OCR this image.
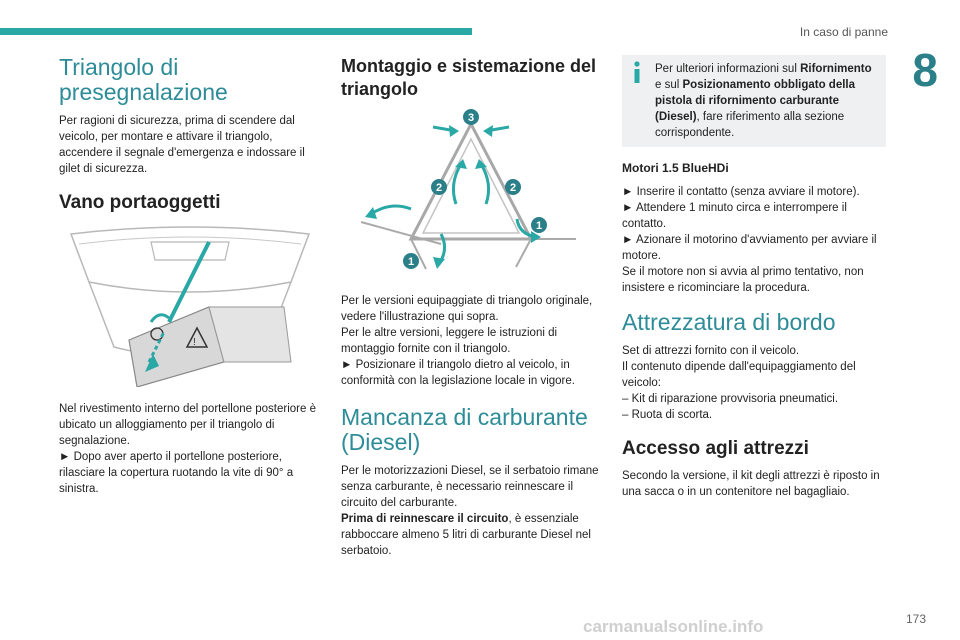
In caso di panne
8
Triangolo di presegnalazione

Per ragioni di sicurezza, prima di scendere dal veicolo, per montare e attivare il triangolo, accendere il segnale d'emergenza e indossare il gilet di sicurezza.

Vano portaoggetti
!

Nel rivestimento interno del portellone posteriore è ubicato un alloggiamento per il triangolo di segnalazione.

► Dopo aver aperto il portellone posteriore, rilasciare la copertura ruotando la vite di 90° a sinistra.

Montaggio e sistemazione del triangolo
1
1
2	2
3

Per le versioni equipaggiate di triangolo originale, vedere l'illustrazione qui sopra.

Per le altre versioni, leggere le istruzioni di montaggio fornite con il triangolo.

► Posizionare il triangolo dietro al veicolo, in conformità con la legislazione locale in vigore.

Mancanza di carburante (Diesel)

Per le motorizzazioni Diesel, se il serbatoio rimane senza carburante, è necessario reinnescare il circuito del carburante.

Prima di reinnescare il circuito, è essenziale rabboccare almeno 5 litri di carburante Diesel nel serbatoio.

Per ulteriori informazioni sul Rifornimento e sul Posizionamento obbligato della pistola di rifornimento carburante (Diesel), fare riferimento alla sezione corrispondente.
Motori 1.5 BlueHDi

► Inserire il contatto (senza avviare il motore).

► Attendere 1 minuto circa e interrompere il contatto.

► Azionare il motorino d'avviamento per avviare il motore.

Se il motore non si avvia al primo tentativo, non insistere e ricominciare la procedura.

Attrezzatura di bordo

Set di attrezzi fornito con il veicolo.

Il contenuto dipende dall'equipaggiamento del veicolo:

– Kit di riparazione provvisoria pneumatici.

– Ruota di scorta.

Accesso agli attrezzi

Secondo la versione, il kit degli attrezzi è riposto in una sacca o in un contenitore nel bagagliaio.

173
carmanualsonline.info
